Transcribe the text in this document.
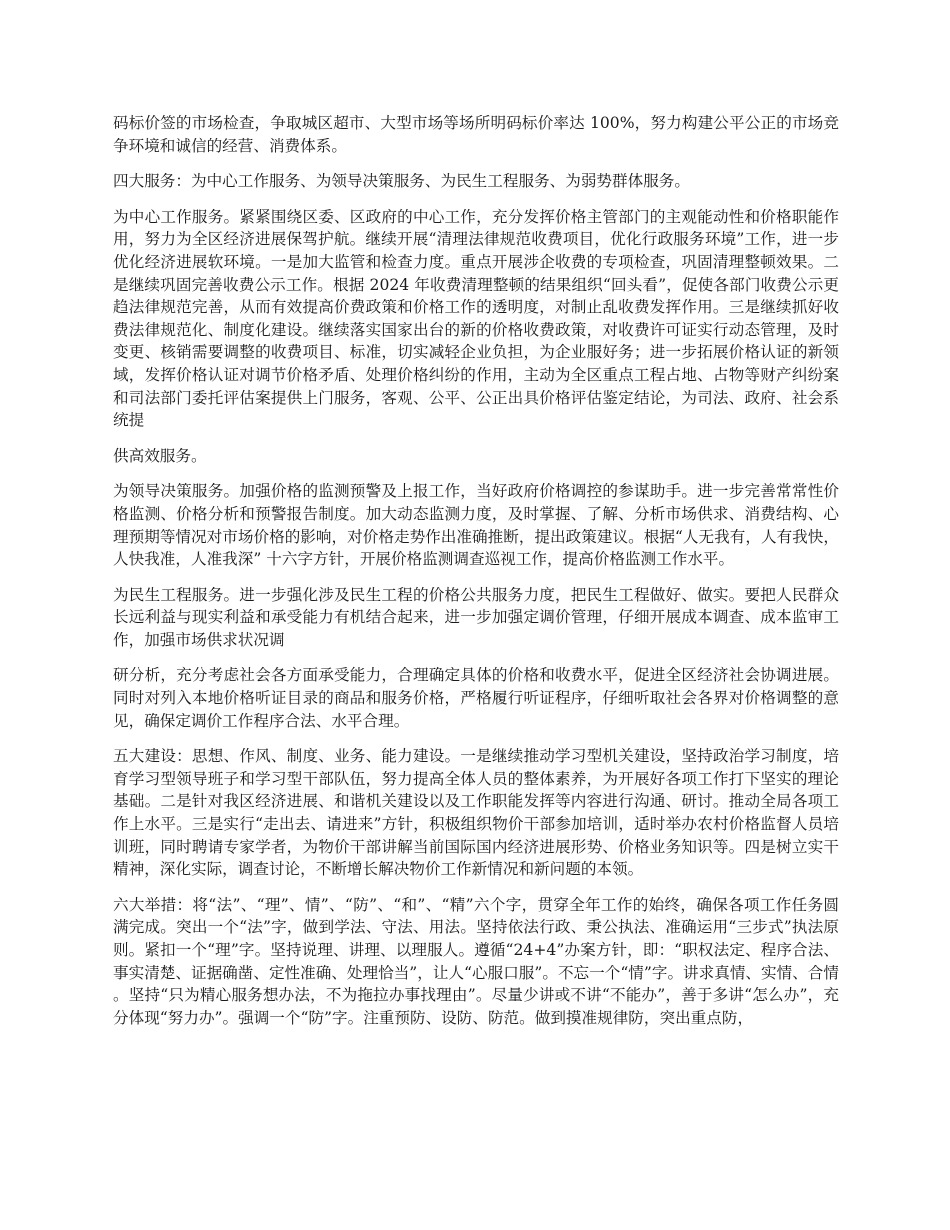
码标价签的市场检查，争取城区超市、大型市场等场所明码标价率达 100%，努力构建公平公正的市场竞争环境和诚信的经营、消费体系。

四大服务：为中心工作服务、为领导决策服务、为民生工程服务、为弱势群体服务。

为中心工作服务。紧紧围绕区委、区政府的中心工作，充分发挥价格主管部门的主观能动性和价格职能作用，努力为全区经济进展保驾护航。继续开展“清理法律规范收费项目，优化行政服务环境”工作，进一步优化经济进展软环境。一是加大监管和检查力度。重点开展涉企收费的专项检查，巩固清理整顿效果。二是继续巩固完善收费公示工作。根据 2024 年收费清理整顿的结果组织“回头看”，促使各部门收费公示更趋法律规范完善，从而有效提高价费政策和价格工作的透明度，对制止乱收费发挥作用。三是继续抓好收费法律规范化、制度化建设。继续落实国家出台的新的价格收费政策，对收费许可证实行动态管理，及时变更、核销需要调整的收费项目、标准，切实减轻企业负担，为企业服好务；进一步拓展价格认证的新领域，发挥价格认证对调节价格矛盾、处理价格纠纷的作用，主动为全区重点工程占地、占物等财产纠纷案和司法部门委托评估案提供上门服务，客观、公平、公正出具价格评估鉴定结论，为司法、政府、社会系统提

供高效服务。

为领导决策服务。加强价格的监测预警及上报工作，当好政府价格调控的参谋助手。进一步完善常常性价格监测、价格分析和预警报告制度。加大动态监测力度，及时掌握、了解、分析市场供求、消费结构、心理预期等情况对市场价格的影响，对价格走势作出准确推断，提出政策建议。根据“人无我有，人有我快，人快我准，人准我深” 十六字方针，开展价格监测调查巡视工作，提高价格监测工作水平。

为民生工程服务。进一步强化涉及民生工程的价格公共服务力度，把民生工程做好、做实。要把人民群众长远利益与现实利益和承受能力有机结合起来，进一步加强定调价管理，仔细开展成本调查、成本监审工作，加强市场供求状况调

研分析，充分考虑社会各方面承受能力，合理确定具体的价格和收费水平，促进全区经济社会协调进展。同时对列入本地价格听证目录的商品和服务价格，严格履行听证程序，仔细听取社会各界对价格调整的意见，确保定调价工作程序合法、水平合理。

五大建设：思想、作风、制度、业务、能力建设。一是继续推动学习型机关建设，坚持政治学习制度，培育学习型领导班子和学习型干部队伍，努力提高全体人员的整体素养，为开展好各项工作打下坚实的理论基础。二是针对我区经济进展、和谐机关建设以及工作职能发挥等内容进行沟通、研讨。推动全局各项工作上水平。三是实行“走出去、请进来”方针，积极组织物价干部参加培训，适时举办农村价格监督人员培训班，同时聘请专家学者，为物价干部讲解当前国际国内经济进展形势、价格业务知识等。四是树立实干精神，深化实际，调查讨论，不断增长解决物价工作新情况和新问题的本领。

六大举措：将“法”、“理”、情”、“防”、“和”、“精”六个字，贯穿全年工作的始终，确保各项工作任务圆满完成。突出一个“法”字，做到学法、守法、用法。坚持依法行政、秉公执法、准确运用“三步式”执法原则。紧扣一个“理”字。坚持说理、讲理、以理服人。遵循“24+4”办案方针，即：“职权法定、程序合法、事实清楚、证据确凿、定性准确、处理恰当”，让人“心服口服”。不忘一个“情”字。讲求真情、实情、合情。坚持“只为精心服务想办法，不为拖拉办事找理由”。尽量少讲或不讲“不能办”，善于多讲“怎么办”，充分体现“努力办”。强调一个“防”字。注重预防、设防、防范。做到摸准规律防，突出重点防，
